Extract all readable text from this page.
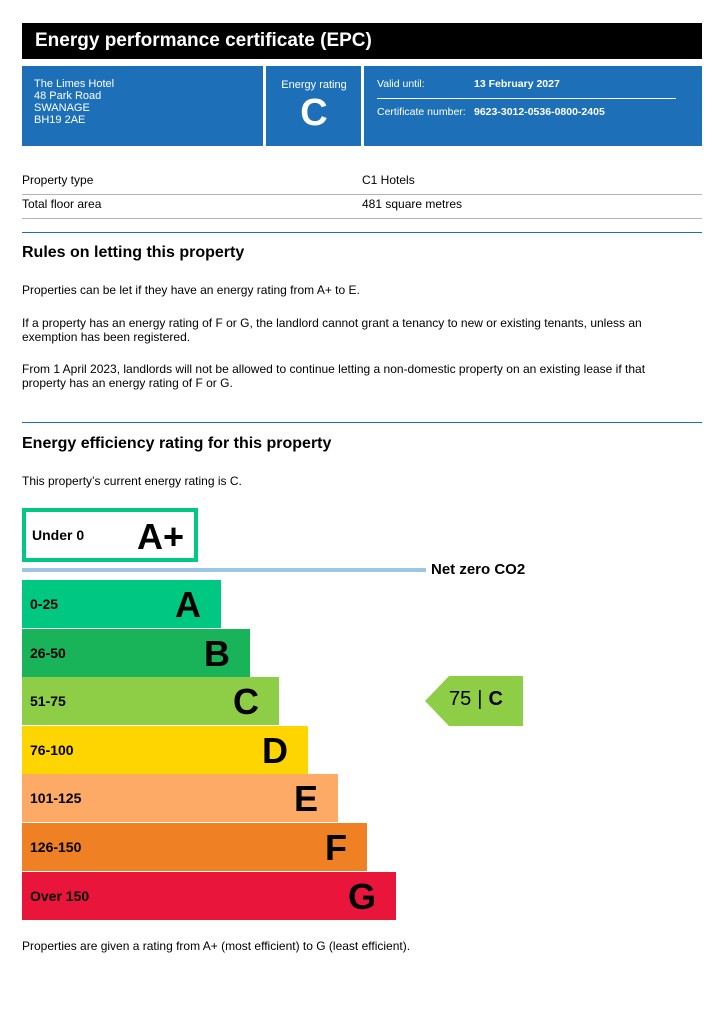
Energy performance certificate (EPC)
The Limes Hotel
48 Park Road
SWANAGE
BH19 2AE
Energy rating
C
Valid until:	13 February 2027
Certificate number: 9623-3012-0536-0800-2405
Property type	C1 Hotels
Total floor area	481 square metres
Rules on letting this property
Properties can be let if they have an energy rating from A+ to E.
If a property has an energy rating of F or G, the landlord cannot grant a tenancy to new or existing tenants, unless an exemption has been registered.
From 1 April 2023, landlords will not be allowed to continue letting a non-domestic property on an existing lease if that property has an energy rating of F or G.
Energy efficiency rating for this property
This property’s current energy rating is C.
Under 0 A+
Net zero CO2
0-25	A
26-50	B
51-75	C
76-100	D
101-125	E
126-150	F
Over 150	G
75 | C
Properties are given a rating from A+ (most efficient) to G (least efficient).
